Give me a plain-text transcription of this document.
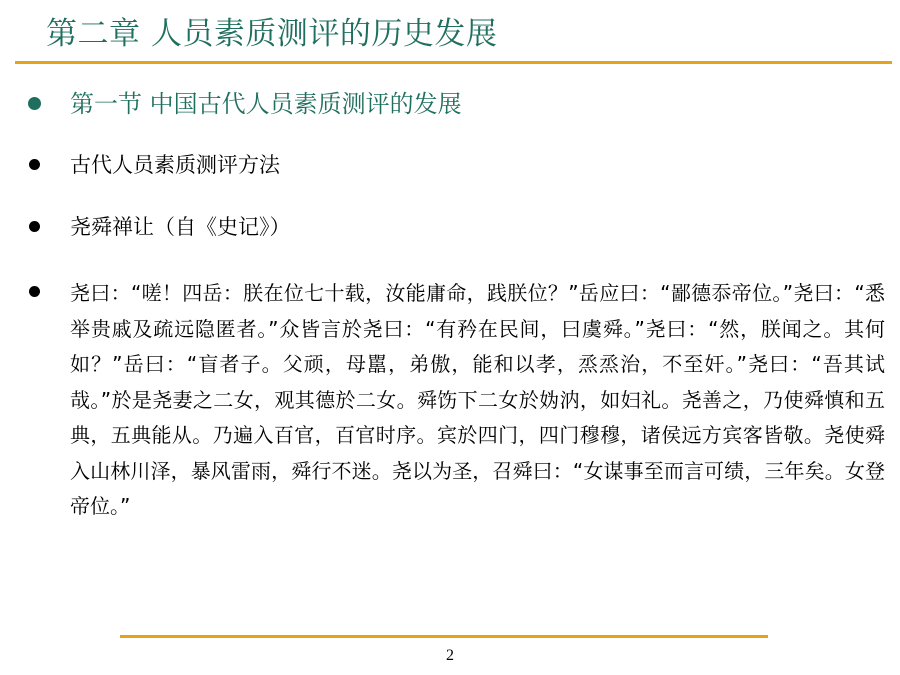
第二章 人员素质测评的历史发展
第一节 中国古代人员素质测评的发展
古代人员素质测评方法
尧舜禅让（自《史记》）
尧曰：“嗟！四岳：朕在位七十载，汝能庸命，践朕位？”岳应曰：“鄙德忝帝位。”尧曰：“悉举贵戚及疏远隐匿者。”众皆言於尧曰：“有矜在民间，曰虞舜。”尧曰：“然，朕闻之。其何如？”岳曰：“盲者子。父顽，母嚚，弟傲，能和以孝，烝烝治，不至奸。”尧曰：“吾其试哉。”於是尧妻之二女，观其德於二女。舜饬下二女於妫汭，如妇礼。尧善之，乃使舜慎和五典，五典能从。乃遍入百官，百官时序。宾於四门，四门穆穆，诸侯远方宾客皆敬。尧使舜入山林川泽，暴风雷雨，舜行不迷。尧以为圣，召舜曰：“女谋事至而言可绩，三年矣。女登帝位。”
2
